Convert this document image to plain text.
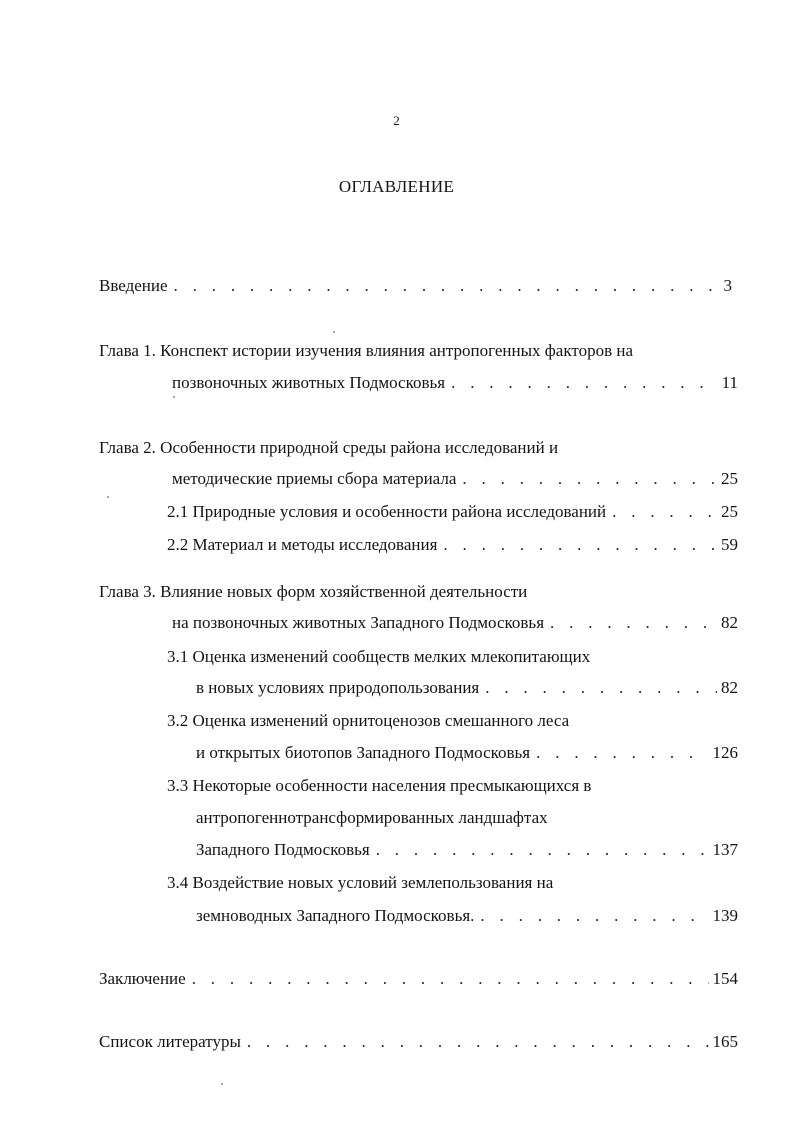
2
ОГЛАВЛЕНИЕ
Введение . . .	3
Глава 1. Конспект истории изучения влияния антропогенных факторов на
позвоночных животных Подмосковья . . .	11
Глава 2. Особенности природной среды района исследований и
методические приемы сбора материала . . .	25
2.1 Природные условия и особенности района исследований . . .	25
2.2 Материал и методы исследования . . .	59
Глава 3. Влияние новых форм хозяйственной деятельности
на позвоночных животных Западного Подмосковья . . .	82
3.1 Оценка изменений сообществ мелких млекопитающих
в новых условиях природопользования . . .	82
3.2 Оценка изменений орнитоценозов смешанного леса
и открытых биотопов Западного Подмосковья . . .	126
3.3 Некоторые особенности населения пресмыкающихся в
антропогеннотрансформированных ландшафтах
Западного Подмосковья . . .	137
3.4 Воздействие новых условий землепользования на
земноводных Западного Подмосковья. . . .	139
Заключение . . .	154
Список литературы . . .	165
